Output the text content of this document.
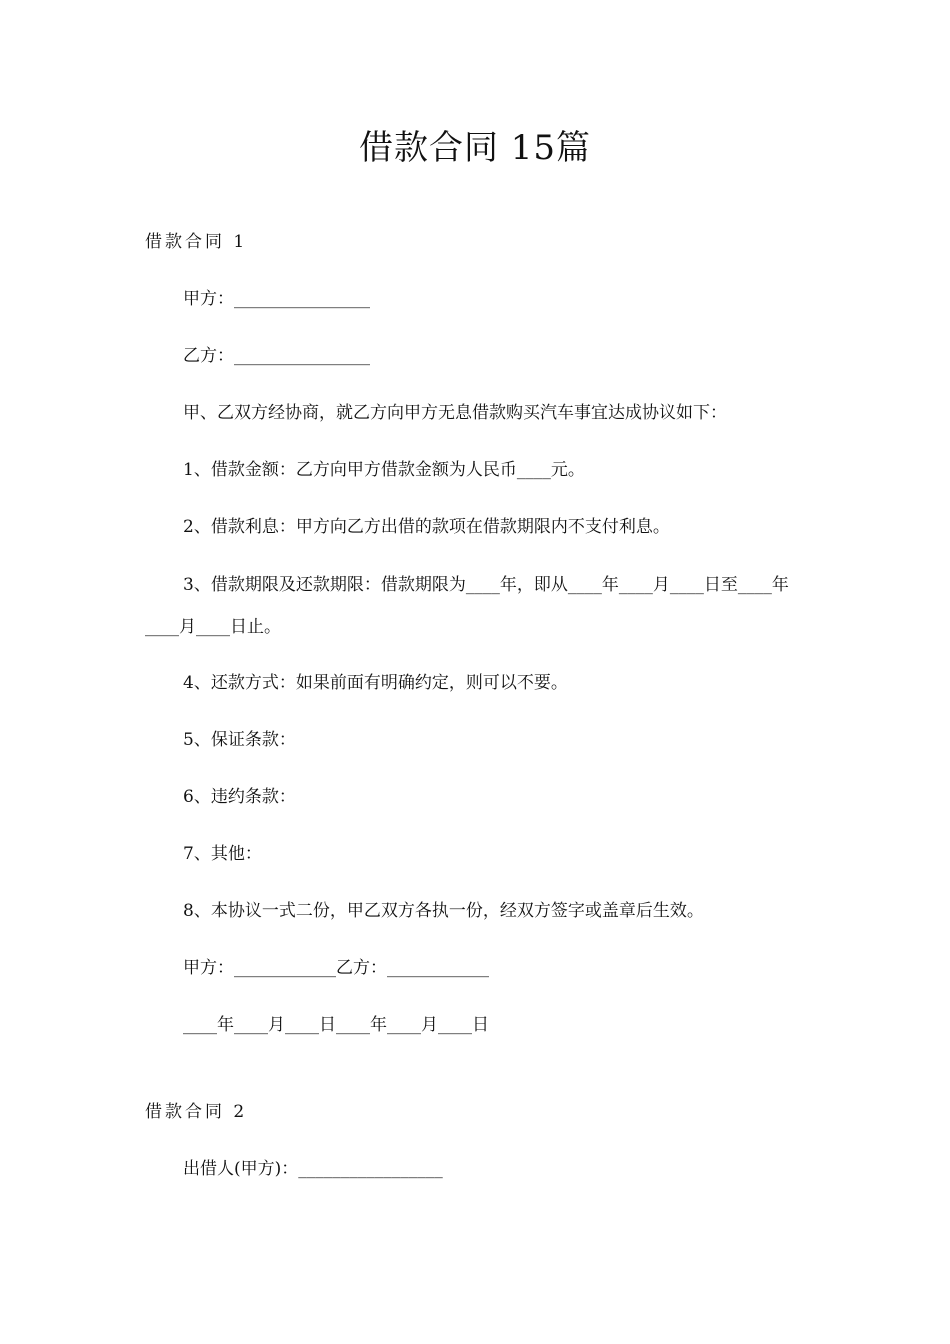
借款合同 15篇
借款合同 1
甲方：________________
乙方：________________
甲、乙双方经协商，就乙方向甲方无息借款购买汽车事宜达成协议如下：
1、借款金额：乙方向甲方借款金额为人民币____元。
2、借款利息：甲方向乙方出借的款项在借款期限内不支付利息。
3、借款期限及还款期限：借款期限为____年，即从____年____月____日至____年____月____日止。
4、还款方式：如果前面有明确约定，则可以不要。
5、保证条款：
6、违约条款：
7、其他：
8、本协议一式二份，甲乙双方各执一份，经双方签字或盖章后生效。
甲方：____________乙方：____________
____年____月____日____年____月____日
借款合同 2
出借人(甲方)：_________________
